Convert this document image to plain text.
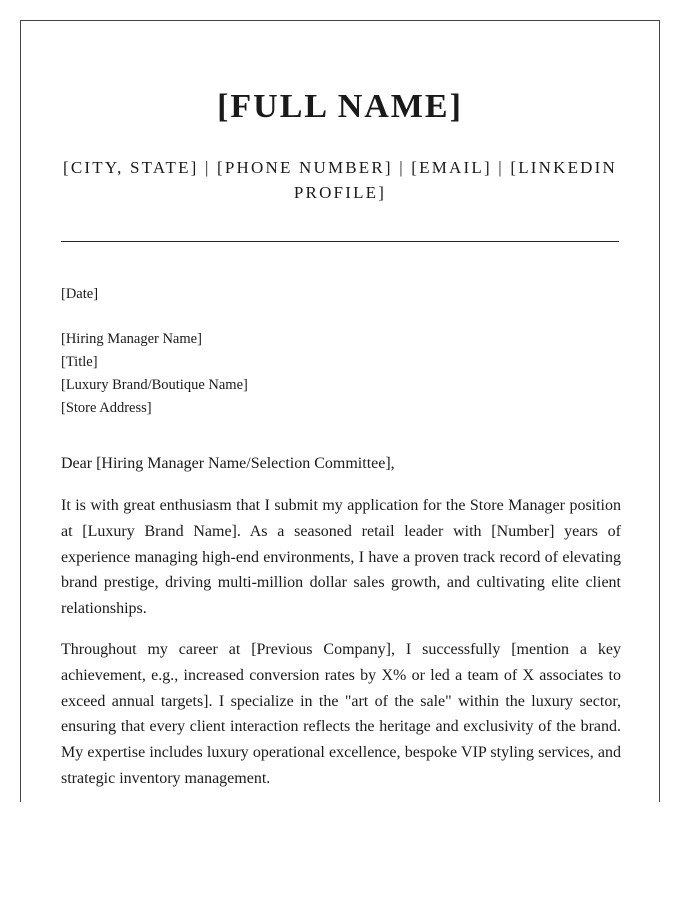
[FULL NAME]
[CITY, STATE] | [PHONE NUMBER] | [EMAIL] | [LINKEDIN PROFILE]
[Date]
[Hiring Manager Name]
[Title]
[Luxury Brand/Boutique Name]
[Store Address]
Dear [Hiring Manager Name/Selection Committee],

It is with great enthusiasm that I submit my application for the Store Manager position at [Luxury Brand Name]. As a seasoned retail leader with [Number] years of experience managing high-end environments, I have a proven track record of elevating brand prestige, driving multi-million dollar sales growth, and cultivating elite client relationships.

Throughout my career at [Previous Company], I successfully [mention a key achievement, e.g., increased conversion rates by X% or led a team of X associates to exceed annual targets]. I specialize in the "art of the sale" within the luxury sector, ensuring that every client interaction reflects the heritage and exclusivity of the brand. My expertise includes luxury operational excellence, bespoke VIP styling services, and strategic inventory management.
